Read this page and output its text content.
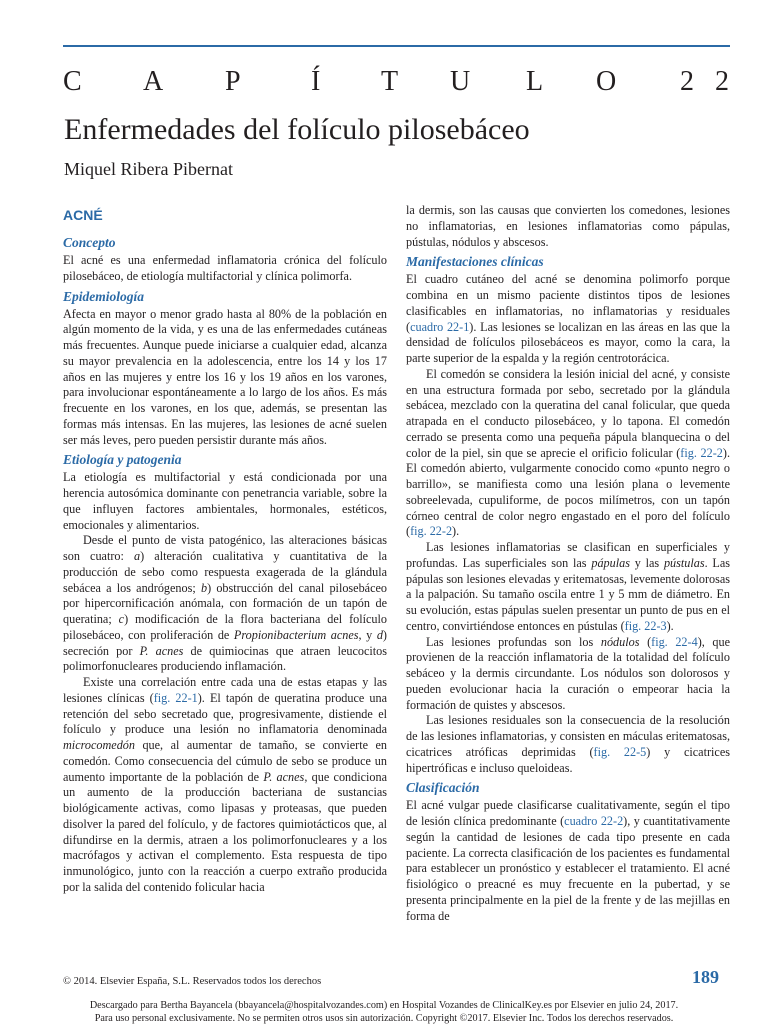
C A P	Í T U L O 2 2
Enfermedades del folículo pilosebáceo
Miquel Ribera Pibernat
ACNÉ
Concepto

El acné es una enfermedad inflamatoria crónica del folículo pilosebáceo, de etiología multifactorial y clínica polimorfa.

Epidemiología

Afecta en mayor o menor grado hasta al 80% de la población en algún momento de la vida, y es una de las enfermedades cutáneas más frecuentes. Aunque puede iniciarse a cualquier edad, alcanza su mayor prevalencia en la adolescencia, entre los 14 y los 17 años en las mujeres y entre los 16 y los 19 años en los varones, para involucionar espontáneamente a lo largo de los años. Es más frecuente en los varones, en los que, además, se presentan las formas más intensas. En las mujeres, las lesiones de acné suelen ser más leves, pero pueden persistir durante más años.

Etiología y patogenia

La etiología es multifactorial y está condicionada por una herencia autosómica dominante con penetrancia variable, sobre la que influyen factores ambientales, hormonales, estéticos, emocionales y alimentarios.

Desde el punto de vista patogénico, las alteraciones básicas son cuatro: a) alteración cualitativa y cuantitativa de la producción de sebo como respuesta exagerada de la glándula sebácea a los andrógenos; b) obstrucción del canal pilosebáceo por hipercornificación anómala, con formación de un tapón de queratina; c) modificación de la flora bacteriana del folículo pilosebáceo, con proliferación de Propionibacterium acnes, y d) secreción por P. acnes de quimiocinas que atraen leucocitos polimorfonucleares produciendo inflamación.

Existe una correlación entre cada una de estas etapas y las lesiones clínicas (fig. 22-1). El tapón de queratina produce una retención del sebo secretado que, progresivamente, distiende el folículo y produce una lesión no inflamatoria denominada microcomedón que, al aumentar de tamaño, se convierte en comedón. Como consecuencia del cúmulo de sebo se produce un aumento importante de la población de P. acnes, que condiciona un aumento de la producción bacteriana de sustancias biológicamente activas, como lipasas y proteasas, que pueden disolver la pared del folículo, y de factores quimiotácticos que, al difundirse en la dermis, atraen a los polimorfonucleares y a los macrófagos y activan el complemento. Esta respuesta de tipo inmunológico, junto con la reacción a cuerpo extraño producida por la salida del contenido folicular hacia

la dermis, son las causas que convierten los comedones, lesiones no inflamatorias, en lesiones inflamatorias como pápulas, pústulas, nódulos y abscesos.

Manifestaciones clínicas

El cuadro cutáneo del acné se denomina polimorfo porque combina en un mismo paciente distintos tipos de lesiones clasificables en inflamatorias, no inflamatorias y residuales (cuadro 22-1). Las lesiones se localizan en las áreas en las que la densidad de folículos pilosebáceos es mayor, como la cara, la parte superior de la espalda y la región centrotorácica.

El comedón se considera la lesión inicial del acné, y consiste en una estructura formada por sebo, secretado por la glándula sebácea, mezclado con la queratina del canal folicular, que queda atrapada en el conducto pilosebáceo, y lo tapona. El comedón cerrado se presenta como una pequeña pápula blanquecina o del color de la piel, sin que se aprecie el orificio folicular (fig. 22-2). El comedón abierto, vulgarmente conocido como «punto negro o barrillo», se manifiesta como una lesión plana o levemente sobreelevada, cupuliforme, de pocos milímetros, con un tapón córneo central de color negro engastado en el poro del folículo (fig. 22-2).

Las lesiones inflamatorias se clasifican en superficiales y profundas. Las superficiales son las pápulas y las pústulas. Las pápulas son lesiones elevadas y eritematosas, levemente dolorosas a la palpación. Su tamaño oscila entre 1 y 5 mm de diámetro. En su evolución, estas pápulas suelen presentar un punto de pus en el centro, convirtiéndose entonces en pústulas (fig. 22-3).

Las lesiones profundas son los nódulos (fig. 22-4), que provienen de la reacción inflamatoria de la totalidad del folículo sebáceo y la dermis circundante. Los nódulos son dolorosos y pueden evolucionar hacia la curación o empeorar hacia la formación de quistes y abscesos.

Las lesiones residuales son la consecuencia de la resolución de las lesiones inflamatorias, y consisten en máculas eritematosas, cicatrices atróficas deprimidas (fig. 22-5) y cicatrices hipertróficas e incluso queloideas.

Clasificación

El acné vulgar puede clasificarse cualitativamente, según el tipo de lesión clínica predominante (cuadro 22-2), y cuantitativamente según la cantidad de lesiones de cada tipo presente en cada paciente. La correcta clasificación de los pacientes es fundamental para establecer un pronóstico y establecer el tratamiento. El acné fisiológico o preacné es muy frecuente en la pubertad, y se presenta principalmente en la piel de la frente y de las mejillas en forma de

© 2014. Elsevier España, S.L. Reservados todos los derechos	189
Descargado para Bertha Bayancela (bbayancela@hospitalvozandes.com) en Hospital Vozandes de ClinicalKey.es por Elsevier en julio 24, 2017.
Para uso personal exclusivamente. No se permiten otros usos sin autorización. Copyright ©2017. Elsevier Inc. Todos los derechos reservados.
